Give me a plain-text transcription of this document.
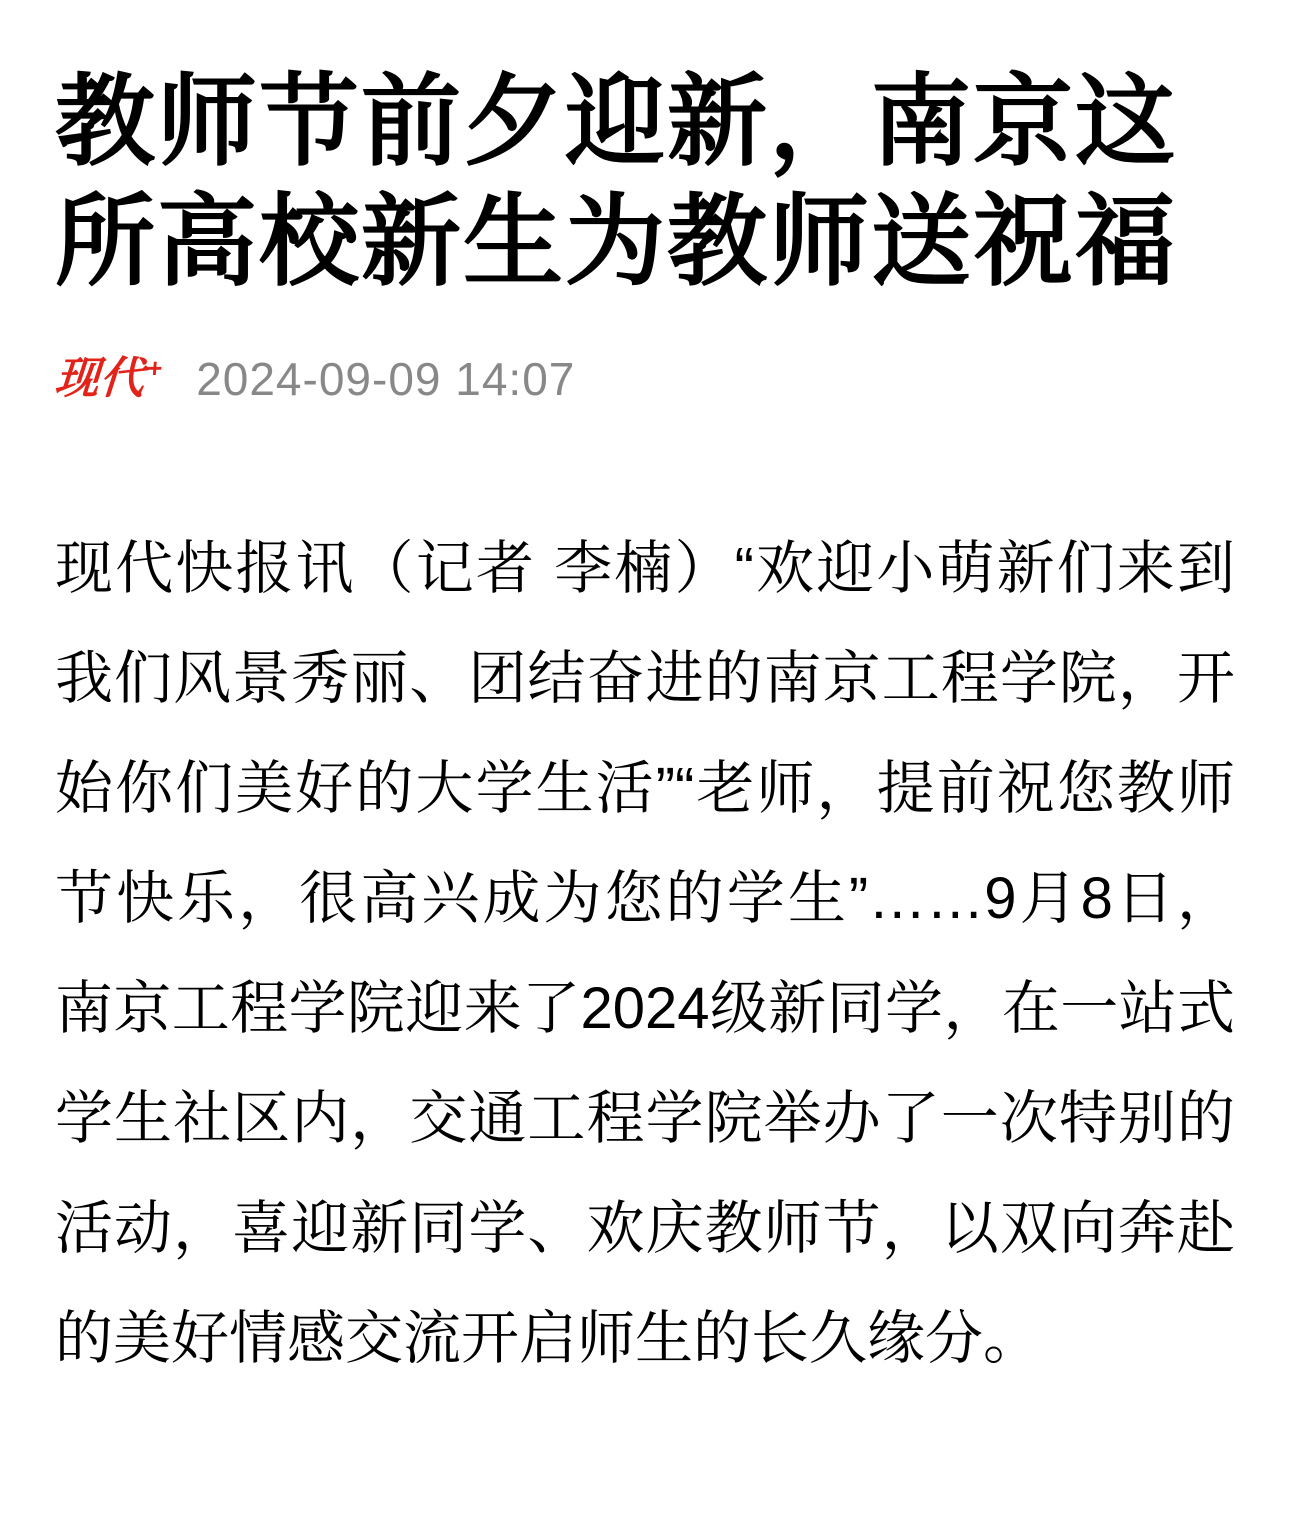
教师节前夕迎新，南京这
所高校新生为教师送祝福
现代+ 2024-09-09 14:07

现代快报讯（记者 李楠）“欢迎小萌新们来到我们风景秀丽、团结奋进的南京工程学院，开始你们美好的大学生活”“老师，提前祝您教师节快乐，很高兴成为您的学生”……9月8日，南京工程学院迎来了2024级新同学，在一站式学生社区内，交通工程学院举办了一次特别的活动，喜迎新同学、欢庆教师节，以双向奔赴的美好情感交流开启师生的长久缘分。
